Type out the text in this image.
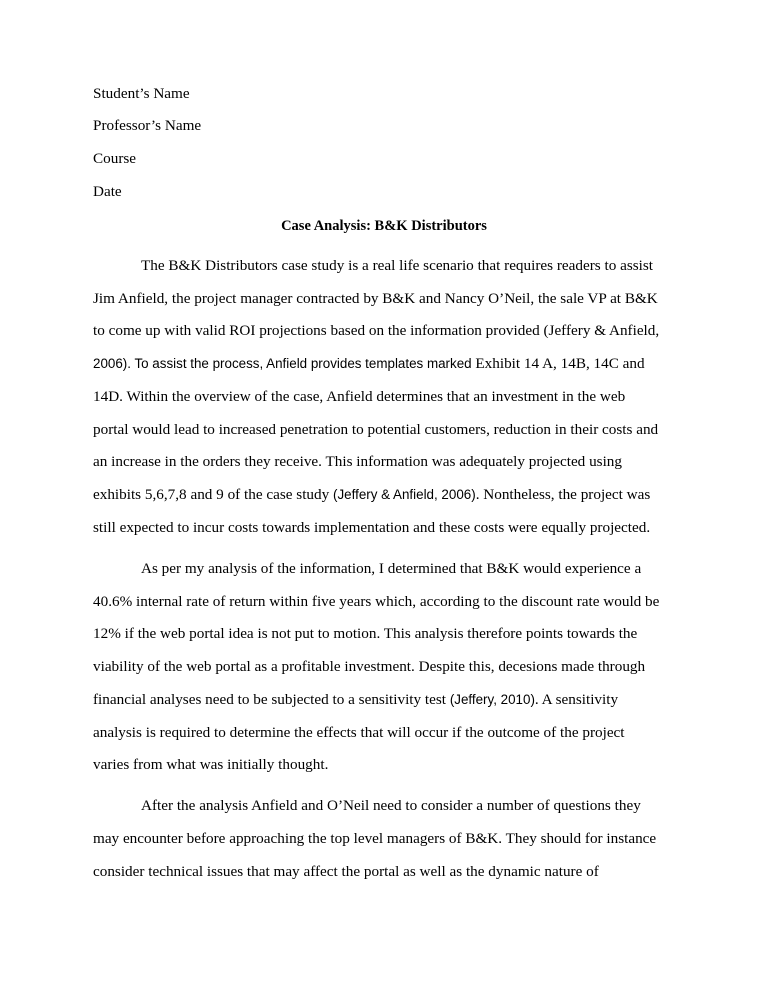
Student’s Name
Professor’s Name
Course
Date
Case Analysis: B&K Distributors
The B&K Distributors case study is a real life scenario that requires readers to assist
Jim Anfield, the project manager contracted by B&K and Nancy O’Neil, the sale VP at B&K
to come up with valid ROI projections based on the information provided (Jeffery & Anfield,
2006). To assist the process, Anfield provides templates marked Exhibit 14 A, 14B, 14C and
14D. Within the overview of the case, Anfield determines that an investment in the web
portal would lead to increased penetration to potential customers, reduction in their costs and
an increase in the orders they receive. This information was adequately projected using
exhibits 5,6,7,8 and 9 of the case study (Jeffery & Anfield, 2006). Nontheless, the project was
still expected to incur costs towards implementation and these costs were equally projected.
As per my analysis of the information, I determined that B&K would experience a
40.6% internal rate of return within five years which, according to the discount rate would be
12% if the web portal idea is not put to motion. This analysis therefore points towards the
viability of the web portal as a profitable investment. Despite this, decesions made through
financial analyses need to be subjected to a sensitivity test (Jeffery, 2010). A sensitivity
analysis is required to determine the effects that will occur if the outcome of the project
varies from what was initially thought.
After the analysis Anfield and O’Neil need to consider a number of questions they
may encounter before approaching the top level managers of B&K. They should for instance
consider technical issues that may affect the portal as well as the dynamic nature of
